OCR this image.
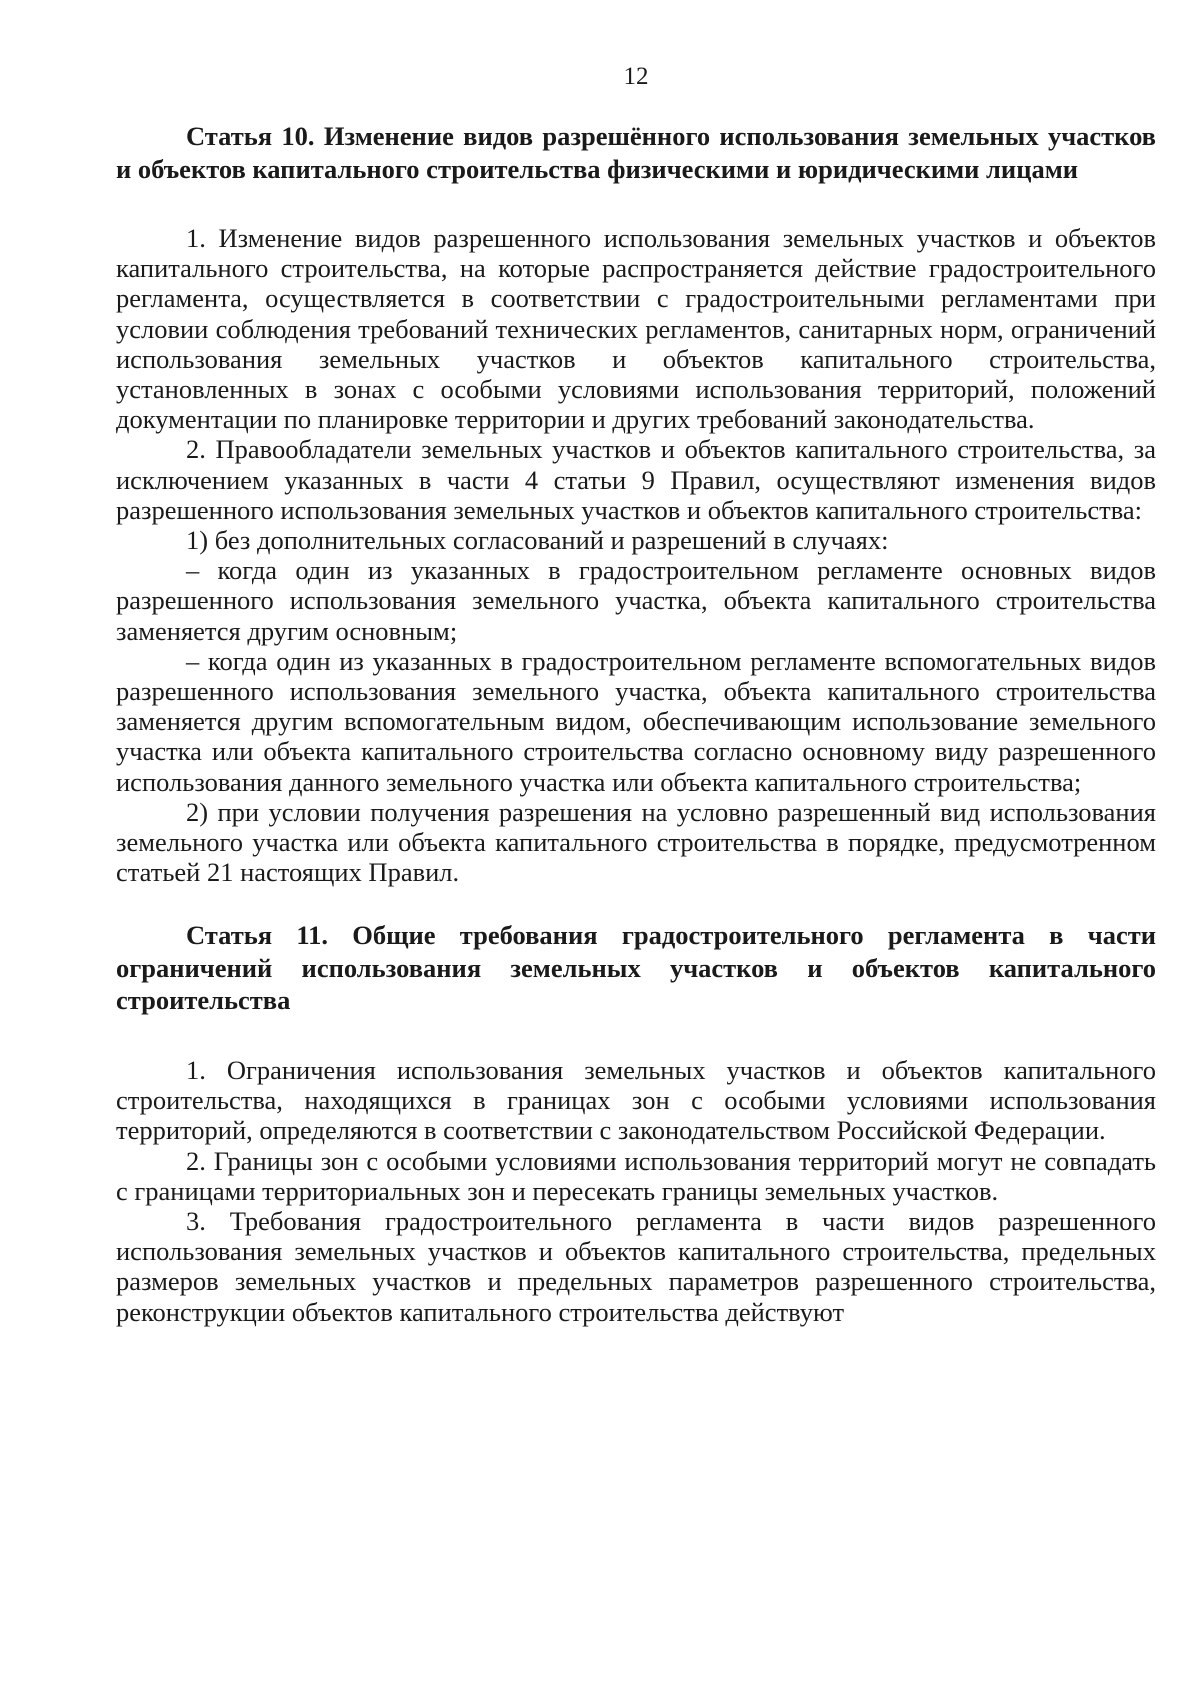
12

Статья 10. Изменение видов разрешённого использования земельных участков и объектов капитального строительства физическими и юридическими лицами

1. Изменение видов разрешенного использования земельных участков и объектов капитального строительства, на которые распространяется действие градостроительного регламента, осуществляется в соответствии с градостроительными регламентами при условии соблюдения требований технических регламентов, санитарных норм, ограничений использования земельных участков и объектов капитального строительства, установленных в зонах с особыми условиями использования территорий, положений документации по планировке территории и других требований законодательства.

2. Правообладатели земельных участков и объектов капитального строительства, за исключением указанных в части 4 статьи 9 Правил, осуществляют изменения видов разрешенного использования земельных участков и объектов капитального строительства:

1) без дополнительных согласований и разрешений в случаях:

– когда один из указанных в градостроительном регламенте основных видов разрешенного использования земельного участка, объекта капитального строительства заменяется другим основным;

– когда один из указанных в градостроительном регламенте вспомогательных видов разрешенного использования земельного участка, объекта капитального строительства заменяется другим вспомогательным видом, обеспечивающим использование земельного участка или объекта капитального строительства согласно основному виду разрешенного использования данного земельного участка или объекта капитального строительства;

2) при условии получения разрешения на условно разрешенный вид использования земельного участка или объекта капитального строительства в порядке, предусмотренном статьей 21 настоящих Правил.

Статья 11. Общие требования градостроительного регламента в части ограничений использования земельных участков и объектов капитального строительства

1. Ограничения использования земельных участков и объектов капитального строительства, находящихся в границах зон с особыми условиями использования территорий, определяются в соответствии с законодательством Российской Федерации.

2. Границы зон с особыми условиями использования территорий могут не совпадать с границами территориальных зон и пересекать границы земельных участков.

3. Требования градостроительного регламента в части видов разрешенного использования земельных участков и объектов капитального строительства, предельных размеров земельных участков и предельных параметров разрешенного строительства, реконструкции объектов капитального строительства действуют
